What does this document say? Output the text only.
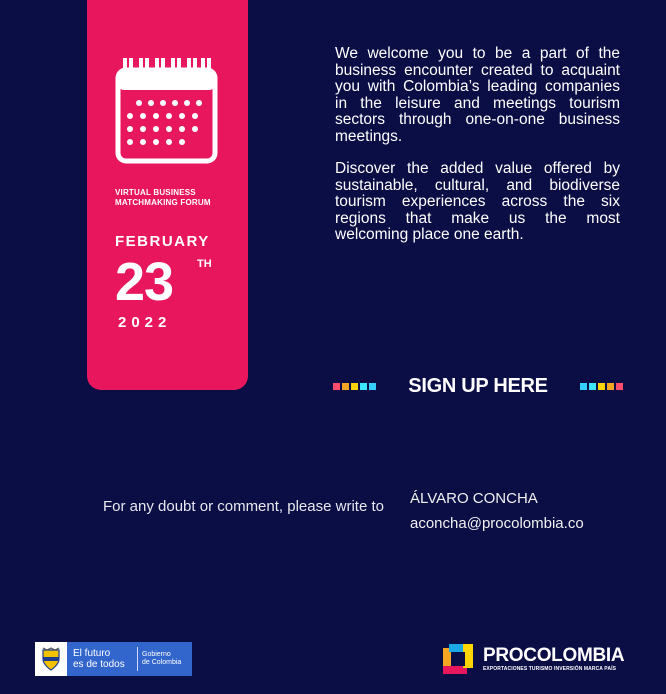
VIRTUAL BUSINESS MATCHMAKING FORUM
FEBRUARY
23 TH
2022

We welcome you to be a part of the business encounter created to acquaint you with Colombia’s leading companies in the leisure and meetings tourism sectors through one-on-one business meetings.

Discover the added value offered by sustainable, cultural, and biodiverse tourism experiences across the six regions that make us the most welcoming place one earth.

SIGN UP HERE
For any doubt or comment, please write to ÁLVARO CONCHA
aconcha@procolombia.co
El futuro
es de todos
Gobierno
de Colombia	PROCOLOMBIA
EXPORTACIONES TURISMO INVERSIÓN MARCA PAÍS
